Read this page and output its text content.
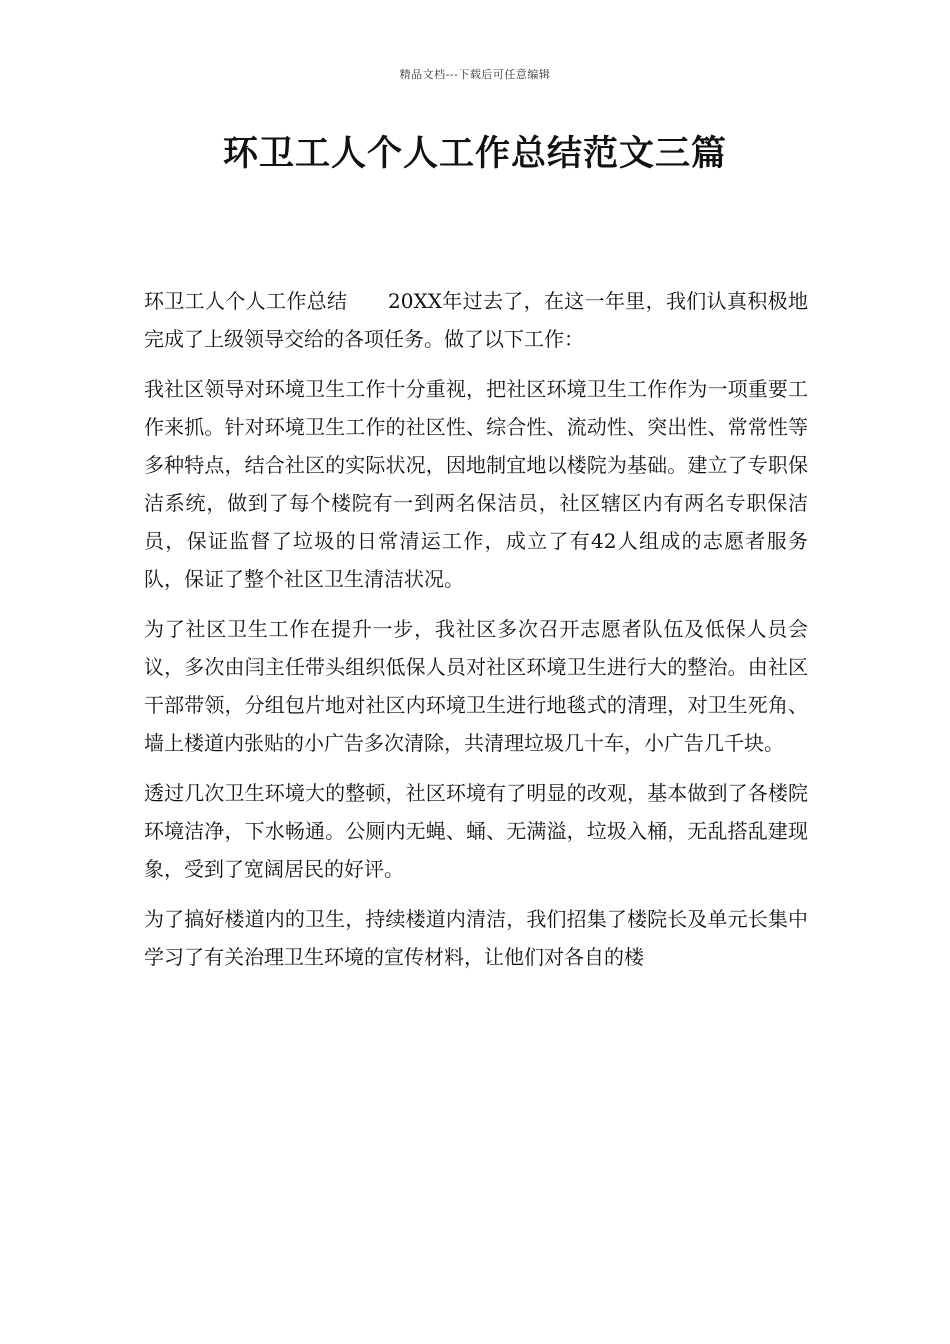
精品文档---下载后可任意编辑
环卫工人个人工作总结范文三篇

环卫工人个人工作总结　　20XX年过去了，在这一年里，我们认真积极地完成了上级领导交给的各项任务。做了以下工作：

我社区领导对环境卫生工作十分重视，把社区环境卫生工作作为一项重要工作来抓。针对环境卫生工作的社区性、综合性、流动性、突出性、常常性等多种特点，结合社区的实际状况，因地制宜地以楼院为基础。建立了专职保洁系统，做到了每个楼院有一到两名保洁员，社区辖区内有两名专职保洁员，保证监督了垃圾的日常清运工作，成立了有42人组成的志愿者服务队，保证了整个社区卫生清洁状况。

为了社区卫生工作在提升一步，我社区多次召开志愿者队伍及低保人员会议，多次由闫主任带头组织低保人员对社区环境卫生进行大的整治。由社区干部带领，分组包片地对社区内环境卫生进行地毯式的清理，对卫生死角、墙上楼道内张贴的小广告多次清除，共清理垃圾几十车，小广告几千块。

透过几次卫生环境大的整顿，社区环境有了明显的改观，基本做到了各楼院环境洁净，下水畅通。公厕内无蝇、蛹、无满溢，垃圾入桶，无乱搭乱建现象，受到了宽阔居民的好评。

为了搞好楼道内的卫生，持续楼道内清洁，我们招集了楼院长及单元长集中学习了有关治理卫生环境的宣传材料，让他们对各自的楼
